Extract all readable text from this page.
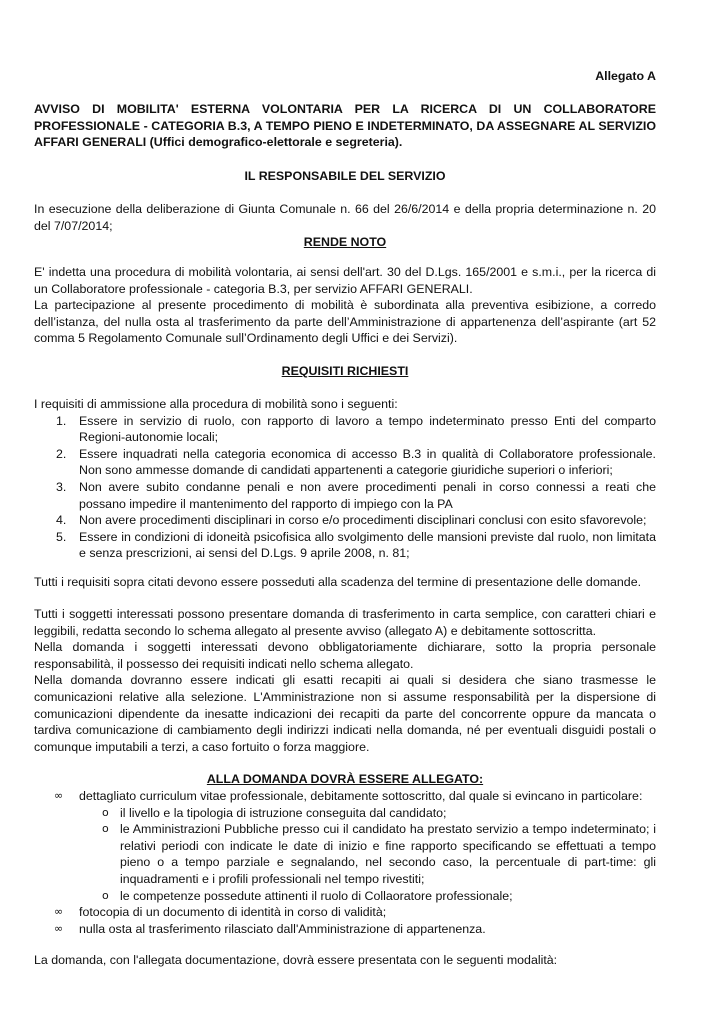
Allegato A
AVVISO DI MOBILITA' ESTERNA VOLONTARIA PER LA RICERCA DI UN COLLABORATORE PROFESSIONALE - CATEGORIA B.3, A TEMPO PIENO E INDETERMINATO, DA ASSEGNARE AL SERVIZIO AFFARI GENERALI (Uffici demografico-elettorale e segreteria).
IL RESPONSABILE DEL SERVIZIO
In esecuzione della deliberazione di Giunta Comunale n. 66 del 26/6/2014 e della propria determinazione n. 20 del 7/07/2014;
RENDE NOTO
E' indetta una procedura di mobilità volontaria, ai sensi dell'art. 30 del D.Lgs. 165/2001 e s.m.i., per la ricerca di un Collaboratore professionale - categoria B.3, per servizio AFFARI GENERALI.
La partecipazione al presente procedimento di mobilità è subordinata alla preventiva esibizione, a corredo dell’istanza, del nulla osta al trasferimento da parte dell’Amministrazione di appartenenza dell’aspirante (art 52 comma 5 Regolamento Comunale sull’Ordinamento degli Uffici e dei Servizi).
REQUISITI RICHIESTI
I requisiti di ammissione alla procedura di mobilità sono i seguenti:
1. Essere in servizio di ruolo, con rapporto di lavoro a tempo indeterminato presso Enti del comparto Regioni-autonomie locali;
2. Essere inquadrati nella categoria economica di accesso B.3 in qualità di Collaboratore professionale. Non sono ammesse domande di candidati appartenenti a categorie giuridiche superiori o inferiori;
3. Non avere subito condanne penali e non avere procedimenti penali in corso connessi a reati che possano impedire il mantenimento del rapporto di impiego con la PA
4. Non avere procedimenti disciplinari in corso e/o procedimenti disciplinari conclusi con esito sfavorevole;
5. Essere in condizioni di idoneità psicofisica allo svolgimento delle mansioni previste dal ruolo, non limitata e senza prescrizioni, ai sensi del D.Lgs. 9 aprile 2008, n. 81;
Tutti i requisiti sopra citati devono essere posseduti alla scadenza del termine di presentazione delle domande.
Tutti i soggetti interessati possono presentare domanda di trasferimento in carta semplice, con caratteri chiari e leggibili, redatta secondo lo schema allegato al presente avviso (allegato A) e debitamente sottoscritta.
Nella domanda i soggetti interessati devono obbligatoriamente dichiarare, sotto la propria personale responsabilità, il possesso dei requisiti indicati nello schema allegato.
Nella domanda dovranno essere indicati gli esatti recapiti ai quali si desidera che siano trasmesse le comunicazioni relative alla selezione. L'Amministrazione non si assume responsabilità per la dispersione di comunicazioni dipendente da inesatte indicazioni dei recapiti da parte del concorrente oppure da mancata o tardiva comunicazione di cambiamento degli indirizzi indicati nella domanda, né per eventuali disguidi postali o comunque imputabili a terzi, a caso fortuito o forza maggiore.
ALLA DOMANDA DOVRÀ ESSERE ALLEGATO:
∞ dettagliato curriculum vitae professionale, debitamente sottoscritto, dal quale si evincano in particolare:
o il livello e la tipologia di istruzione conseguita dal candidato;
o le Amministrazioni Pubbliche presso cui il candidato ha prestato servizio a tempo indeterminato; i relativi periodi con indicate le date di inizio e fine rapporto specificando se effettuati a tempo pieno o a tempo parziale e segnalando, nel secondo caso, la percentuale di part-time: gli inquadramenti e i profili professionali nel tempo rivestiti;
o le competenze possedute attinenti il ruolo di Collaoratore professionale;
∞ fotocopia di un documento di identità in corso di validità;
∞ nulla osta al trasferimento rilasciato dall'Amministrazione di appartenenza.
La domanda, con l'allegata documentazione, dovrà essere presentata con le seguenti modalità:
